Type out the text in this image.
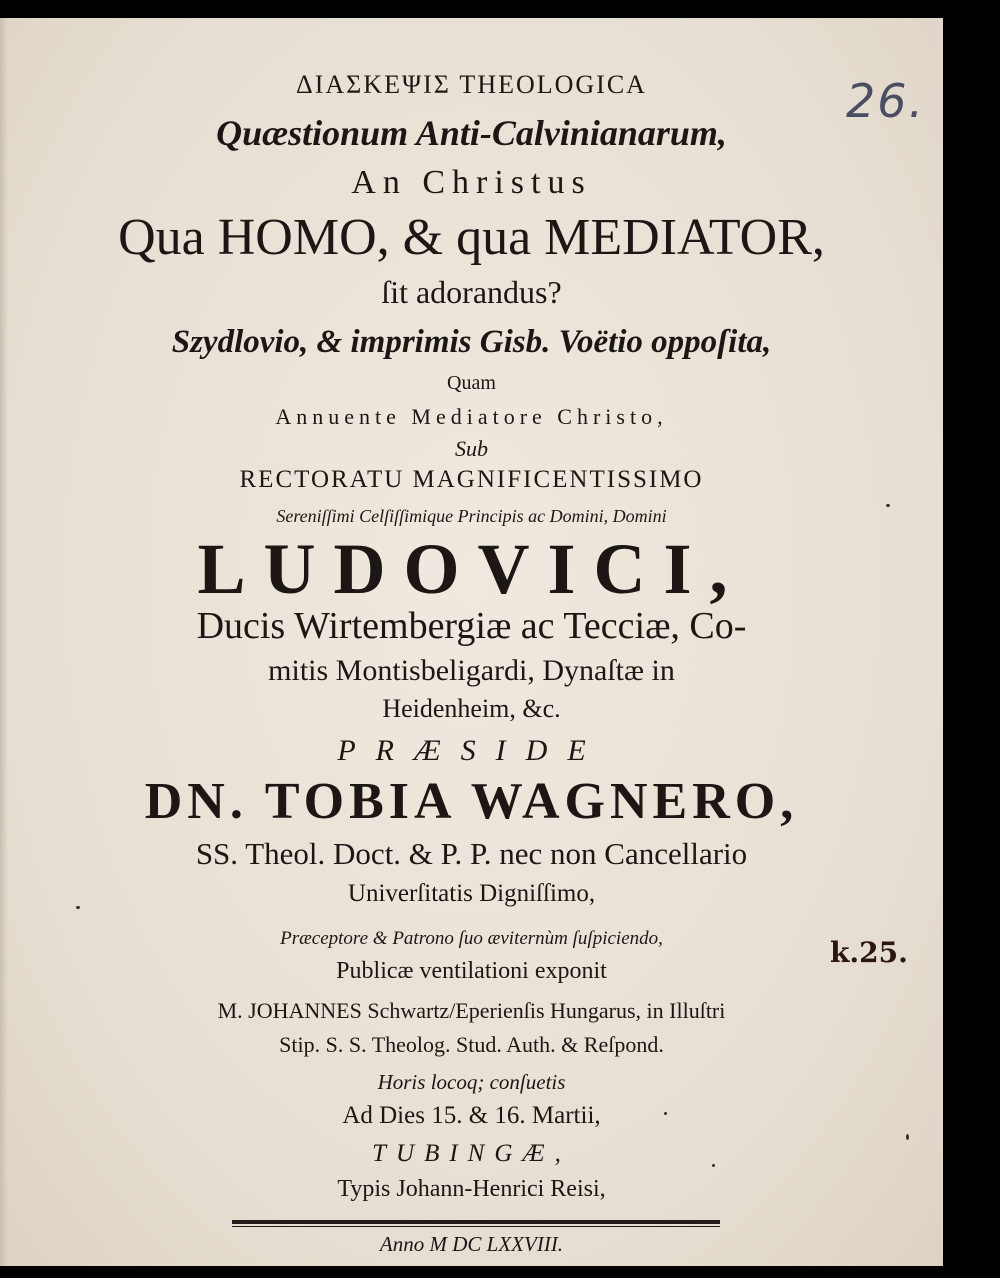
ΔΙΑΣΚΕΨΙΣ THEOLOGICA
Quæstionum Anti-Calvinianarum,
An Christus
Qua HOMO, & qua MEDIATOR,
ſit adorandus?
Szydlovio, & imprimis Gisb. Voëtio oppoſita,
Quam
Annuente Mediatore Christo,
Sub
RECTORATU MAGNIFICENTISSIMO
Sereniſſimi Celſiſſimique Principis ac Domini, Domini
LUDOVICI,
Ducis Wirtembergiæ ac Tecciæ, Co-
mitis Montisbeligardi, Dynaſtæ in
Heidenheim, &c.
PRÆSIDE
DN. TOBIA WAGNERO,
SS. Theol. Doct. & P. P. nec non Cancellario
Univerſitatis Digniſſimo,
Præceptore & Patrono ſuo æviternùm ſuſpiciendo,
Publicæ ventilationi exponit
M. JOHANNES Schwartz/Eperienſis Hungarus, in Illuſtri
Stip. S. S. Theolog. Stud. Auth. & Reſpond.
Horis locoq; conſuetis
Ad Dies 15. & 16. Martii,
TUBINGÆ,
Typis Johann-Henrici Reisi,
Anno M DC LXXVIII.
26.
k.25.
